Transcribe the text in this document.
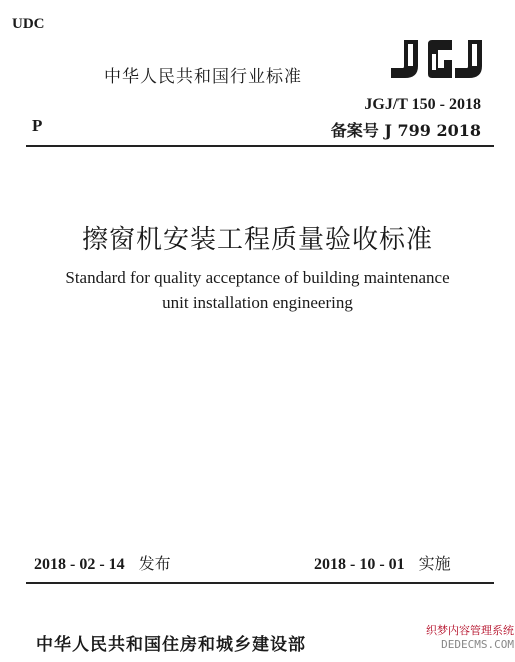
UDC
中华人民共和国行业标准
JGJ/T 150 - 2018
P	备案号 J 799 2018
擦窗机安装工程质量验收标准
Standard for quality acceptance of building maintenance
unit installation engineering
2018 - 02 - 14 发布	2018 - 10 - 01 实施
中华人民共和国住房和城乡建设部
织梦内容管理系统
DEDECMS.COM
